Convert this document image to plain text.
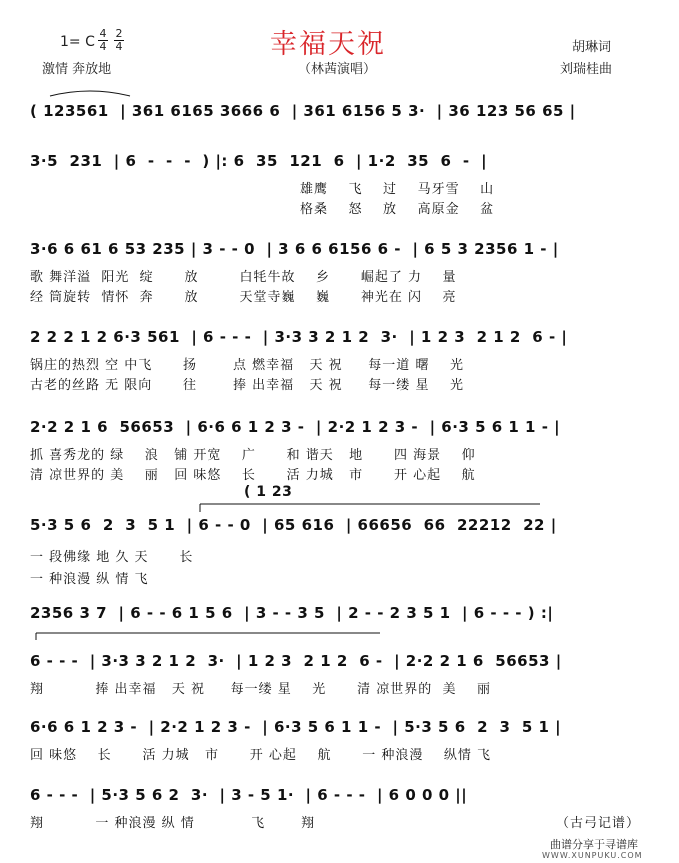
幸福天祝
（林茜演唱）
1= C
4
4
2
4
激情 奔放地
胡琳词
刘瑞桂曲
( 123561  | 361 6165 3666 6  | 361 6156 5 3·  | 36 123 56 65 |
3·5  231  | 6  -  -  -  ) |: 6  35  121  6  | 1·2  35  6  -  |
雄鹰    飞    过    马牙雪    山
格桑    怒    放    高原金    盆
3·6 6 61 6 53 235 | 3 - - 0  | 3 6 6 6156 6 -  | 6 5 3 2356 1 - |
歌 舞洋溢  阳光  绽      放        白牦牛故    乡      崛起了 力    量
经 筒旋转  情怀  奔      放        天堂寺巍    巍      神光在 闪    亮
2 2 2 1 2 6·3 561  | 6 - - -  | 3·3 3 2 1 2  3·  | 1 2 3  2 1 2  6 - |
锅庄的热烈 空 中飞      扬       点 燃幸福   天 祝     每一道 曙    光
古老的丝路 无 限向      往       捧 出幸福   天 祝     每一缕 星    光
2·2 2 1 6  56653  | 6·6 6 1 2 3 -  | 2·2 1 2 3 -  | 6·3 5 6 1 1 - |
抓 喜秀龙的 绿    浪   铺 开宽    广      和 谐天   地      四 海景    仰
清 凉世界的 美    丽   回 味悠    长      活 力城   市      开 心起    航
( 1 23
5·3 5 6  2  3  5 1  | 6 - - 0  | 65 616  | 66656  66  22212  22 |
一 段佛缘 地 久 天      长
一 种浪漫 纵 情 飞
2356 3 7  | 6 - - 6 1 5 6  | 3 - - 3 5  | 2 - - 2 3 5 1  | 6 - - - ) :|
6 - - -  | 3·3 3 2 1 2  3·  | 1 2 3  2 1 2  6 -  | 2·2 2 1 6  56653 |
翔          捧 出幸福   天 祝     每一缕 星    光      清 凉世界的  美    丽
6·6 6 1 2 3 -  | 2·2 1 2 3 -  | 6·3 5 6 1 1 -  | 5·3 5 6  2  3  5 1 |
回 味悠    长      活 力城   市      开 心起    航      一 种浪漫    纵情 飞
6 - - -  | 5·3 5 6 2  3·  | 3 - 5 1·  | 6 - - -  | 6 0 0 0 ||
翔          一 种浪漫 纵 情           飞       翔	（古弓记谱）
曲谱分享于寻谱库
WWW.XUNPUKU.COM
